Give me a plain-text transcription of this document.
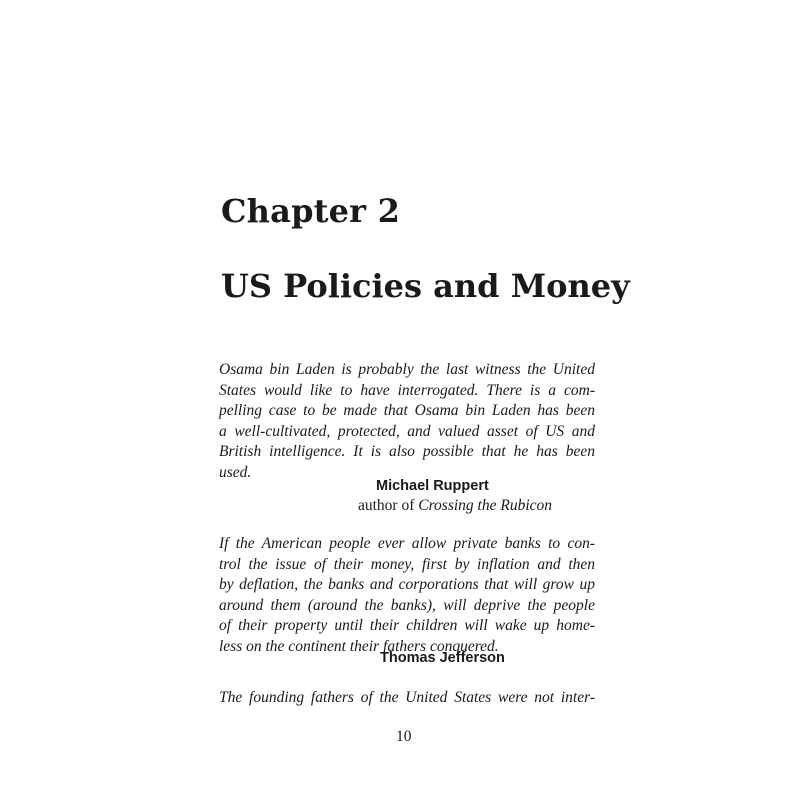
Chapter 2
US Policies and Money
Osama bin Laden is probably the last witness the United
States would like to have interrogated. There is a com-
pelling case to be made that Osama bin Laden has been
a well-cultivated, protected, and valued asset of US and
British intelligence. It is also possible that he has been
used.
Michael Ruppert
author of Crossing the Rubicon
If the American people ever allow private banks to con-
trol the issue of their money, first by inflation and then
by deflation, the banks and corporations that will grow up
around them (around the banks), will deprive the people
of their property until their children will wake up home-
less on the continent their fathers conquered.
Thomas Jefferson
The founding fathers of the United States were not inter-
10
